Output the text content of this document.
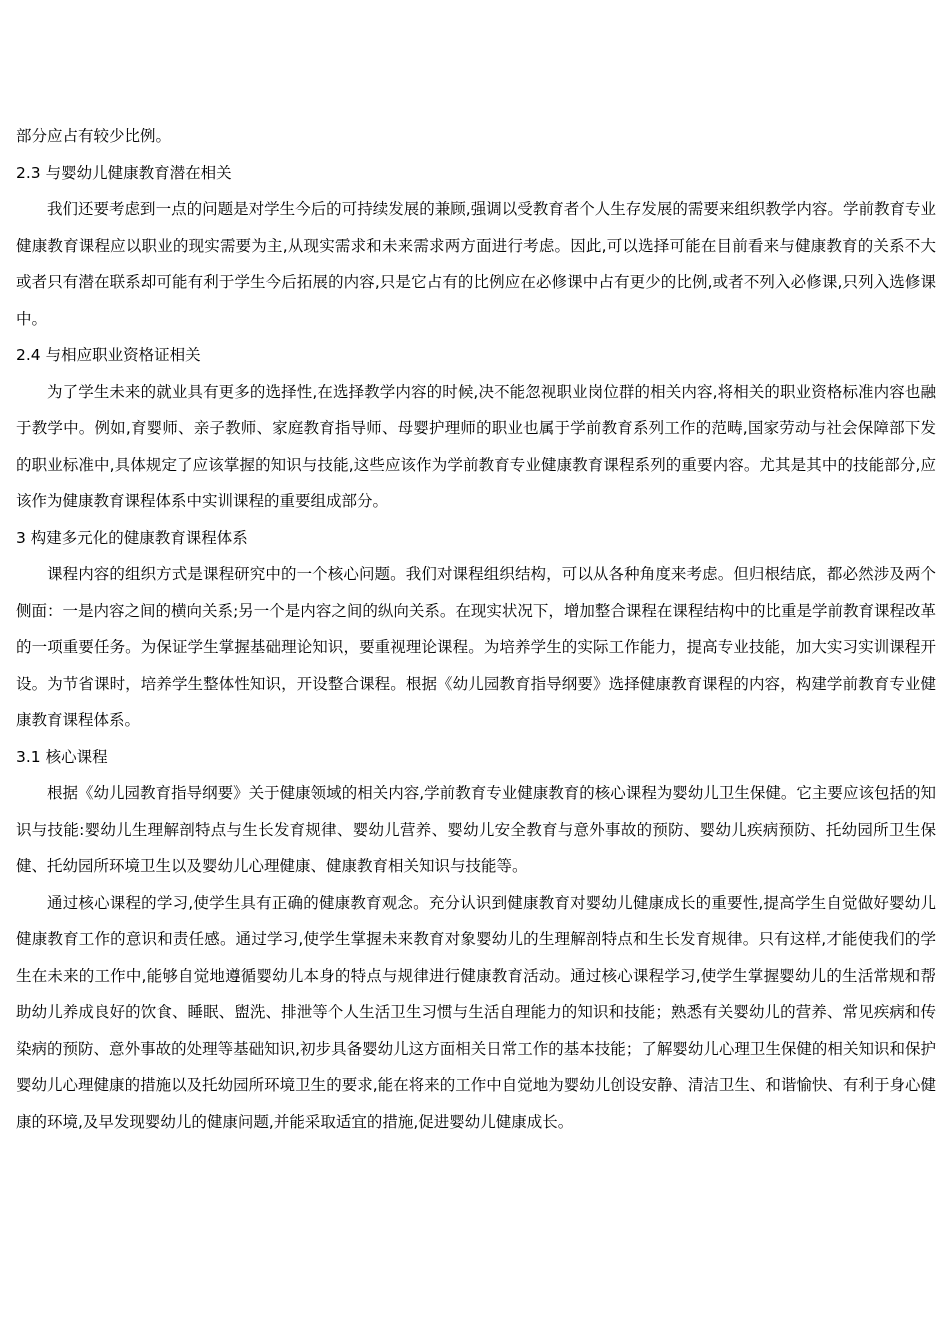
部分应占有较少比例。

2.3 与婴幼儿健康教育潜在相关

我们还要考虑到一点的问题是对学生今后的可持续发展的兼顾,强调以受教育者个人生存发展的需要来组织教学内容。学前教育专业健康教育课程应以职业的现实需要为主,从现实需求和未来需求两方面进行考虑。因此,可以选择可能在目前看来与健康教育的关系不大或者只有潜在联系却可能有利于学生今后拓展的内容,只是它占有的比例应在必修课中占有更少的比例,或者不列入必修课,只列入选修课中。

2.4 与相应职业资格证相关

为了学生未来的就业具有更多的选择性,在选择教学内容的时候,决不能忽视职业岗位群的相关内容,将相关的职业资格标准内容也融于教学中。例如,育婴师、亲子教师、家庭教育指导师、母婴护理师的职业也属于学前教育系列工作的范畴,国家劳动与社会保障部下发的职业标准中,具体规定了应该掌握的知识与技能,这些应该作为学前教育专业健康教育课程系列的重要内容。尤其是其中的技能部分,应该作为健康教育课程体系中实训课程的重要组成部分。

3 构建多元化的健康教育课程体系

课程内容的组织方式是课程研究中的一个核心问题。我们对课程组织结构，可以从各种角度来考虑。但归根结底，都必然涉及两个侧面：一是内容之间的横向关系;另一个是内容之间的纵向关系。在现实状况下，增加整合课程在课程结构中的比重是学前教育课程改革的一项重要任务。为保证学生掌握基础理论知识，要重视理论课程。为培养学生的实际工作能力，提高专业技能，加大实习实训课程开设。为节省课时，培养学生整体性知识，开设整合课程。根据《幼儿园教育指导纲要》选择健康教育课程的内容，构建学前教育专业健康教育课程体系。

3.1 核心课程

根据《幼儿园教育指导纲要》关于健康领域的相关内容,学前教育专业健康教育的核心课程为婴幼儿卫生保健。它主要应该包括的知识与技能:婴幼儿生理解剖特点与生长发育规律、婴幼儿营养、婴幼儿安全教育与意外事故的预防、婴幼儿疾病预防、托幼园所卫生保健、托幼园所环境卫生以及婴幼儿心理健康、健康教育相关知识与技能等。

通过核心课程的学习,使学生具有正确的健康教育观念。充分认识到健康教育对婴幼儿健康成长的重要性,提高学生自觉做好婴幼儿健康教育工作的意识和责任感。通过学习,使学生掌握未来教育对象婴幼儿的生理解剖特点和生长发育规律。只有这样,才能使我们的学生在未来的工作中,能够自觉地遵循婴幼儿本身的特点与规律进行健康教育活动。通过核心课程学习,使学生掌握婴幼儿的生活常规和帮助幼儿养成良好的饮食、睡眠、盥洗、排泄等个人生活卫生习惯与生活自理能力的知识和技能；熟悉有关婴幼儿的营养、常见疾病和传染病的预防、意外事故的处理等基础知识,初步具备婴幼儿这方面相关日常工作的基本技能；了解婴幼儿心理卫生保健的相关知识和保护婴幼儿心理健康的措施以及托幼园所环境卫生的要求,能在将来的工作中自觉地为婴幼儿创设安静、清洁卫生、和谐愉快、有利于身心健康的环境,及早发现婴幼儿的健康问题,并能采取适宜的措施,促进婴幼儿健康成长。
